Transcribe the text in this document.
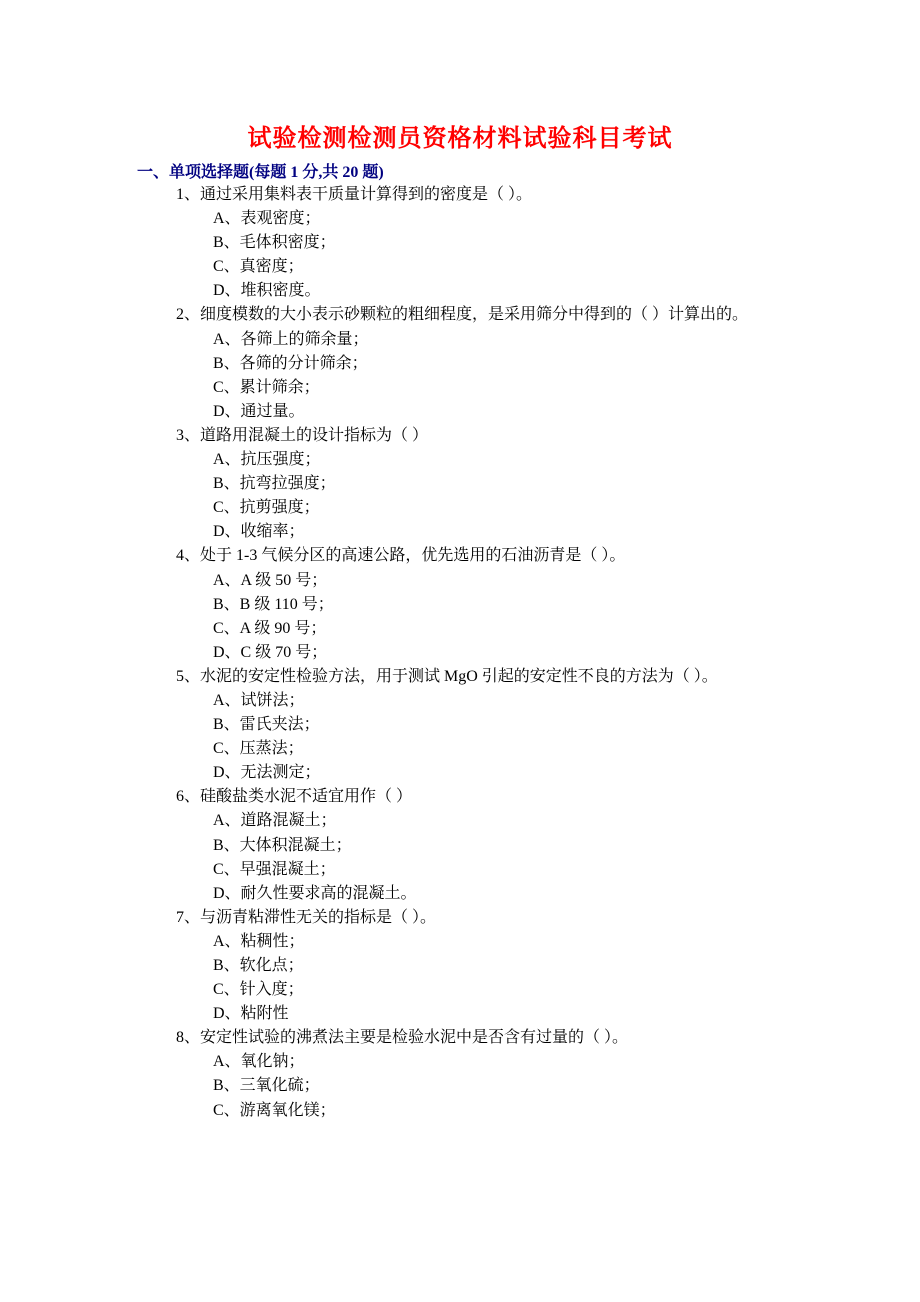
试验检测检测员资格材料试验科目考试
一、单项选择题(每题 1 分,共 20 题)
1、通过采用集料表干质量计算得到的密度是（ ）。
A、表观密度；
B、毛体积密度；
C、真密度；
D、堆积密度。
2、细度模数的大小表示砂颗粒的粗细程度，是采用筛分中得到的（ ）计算出的。
A、各筛上的筛余量；
B、各筛的分计筛余；
C、累计筛余；
D、通过量。
3、道路用混凝土的设计指标为（ ）
A、抗压强度；
B、抗弯拉强度；
C、抗剪强度；
D、收缩率；
4、处于 1-3 气候分区的高速公路，优先选用的石油沥青是（ ）。
A、A 级 50 号；
B、B 级 110 号；
C、A 级 90 号；
D、C 级 70 号；
5、水泥的安定性检验方法，用于测试 MgO 引起的安定性不良的方法为（ ）。
A、试饼法；
B、雷氏夹法；
C、压蒸法；
D、无法测定；
6、硅酸盐类水泥不适宜用作（ ）
A、道路混凝土；
B、大体积混凝土；
C、早强混凝土；
D、耐久性要求高的混凝土。
7、与沥青粘滞性无关的指标是（ ）。
A、粘稠性；
B、软化点；
C、针入度；
D、粘附性
8、安定性试验的沸煮法主要是检验水泥中是否含有过量的（ ）。
A、氧化钠；
B、三氧化硫；
C、游离氧化镁；
